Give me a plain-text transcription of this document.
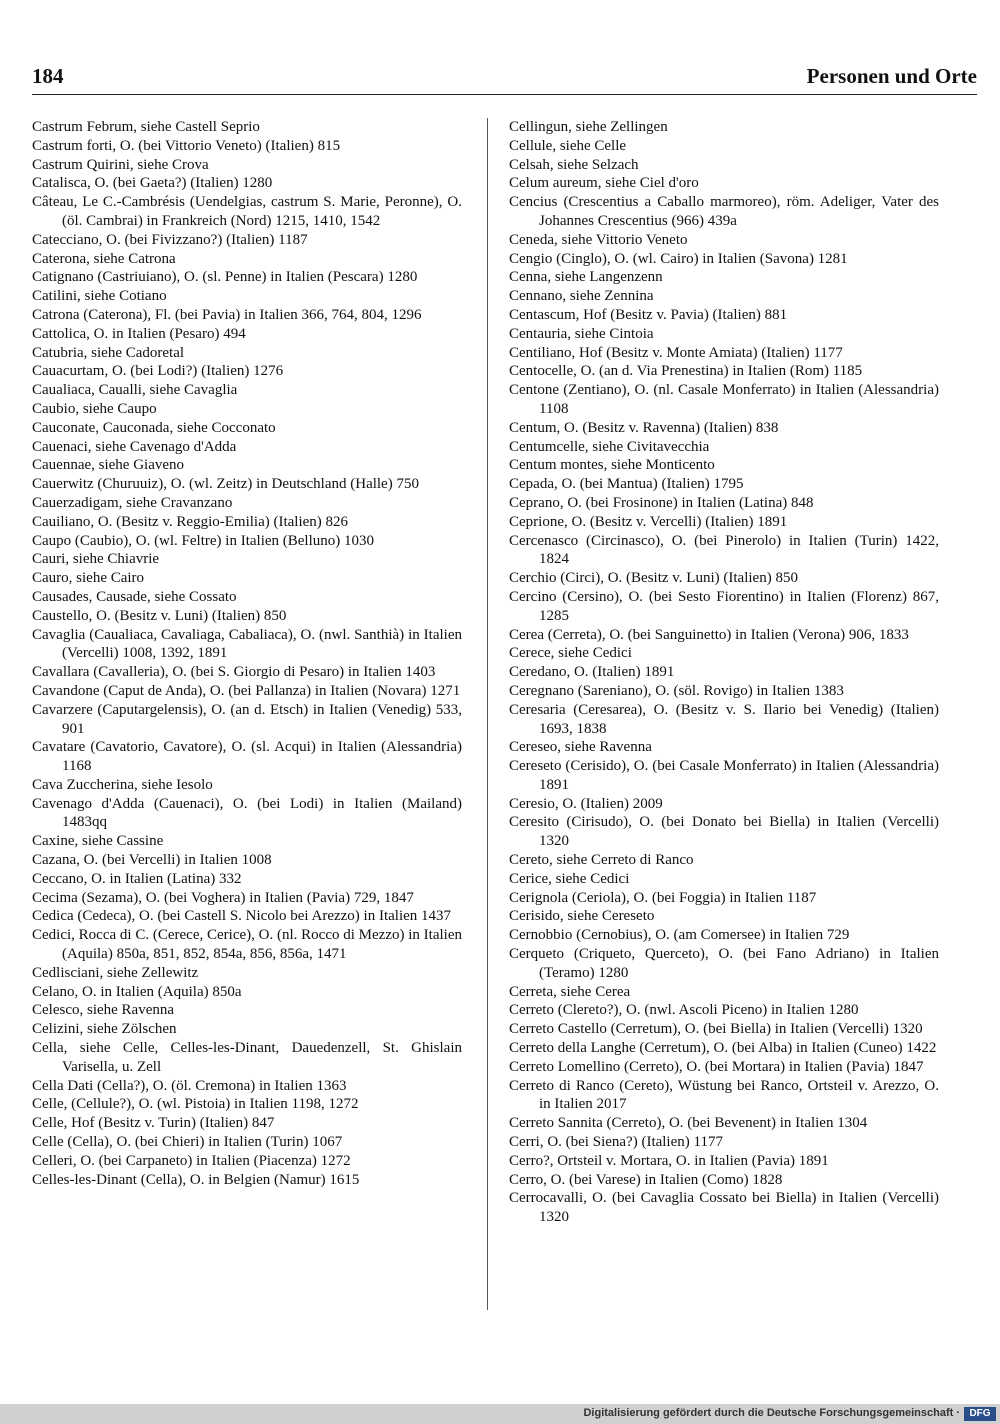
184	Personen und Orte
Castrum Februm, siehe Castell Seprio
Castrum forti, O. (bei Vittorio Veneto) (Italien) 815
Castrum Quirini, siehe Crova
Catalisca, O. (bei Gaeta?) (Italien) 1280
Câteau, Le C.-Cambrésis (Uendelgias, castrum S. Marie, Peronne), O. (öl. Cambrai) in Frankreich (Nord) 1215, 1410, 1542
Catecciano, O. (bei Fivizzano?) (Italien) 1187
Caterona, siehe Catrona
Catignano (Castriuiano), O. (sl. Penne) in Italien (Pescara) 1280
Catilini, siehe Cotiano
Catrona (Caterona), Fl. (bei Pavia) in Italien 366, 764, 804, 1296
Cattolica, O. in Italien (Pesaro) 494
Catubria, siehe Cadoretal
Cauacurtam, O. (bei Lodi?) (Italien) 1276
Caualiaca, Caualli, siehe Cavaglia
Caubio, siehe Caupo
Cauconate, Cauconada, siehe Cocconato
Cauenaci, siehe Cavenago d'Adda
Cauennae, siehe Giaveno
Cauerwitz (Churuuiz), O. (wl. Zeitz) in Deutschland (Halle) 750
Cauerzadigam, siehe Cravanzano
Cauiliano, O. (Besitz v. Reggio-Emilia) (Italien) 826
Caupo (Caubio), O. (wl. Feltre) in Italien (Belluno) 1030
Cauri, siehe Chiavrie
Cauro, siehe Cairo
Causades, Causade, siehe Cossato
Caustello, O. (Besitz v. Luni) (Italien) 850
Cavaglia (Caualiaca, Cavaliaga, Cabaliaca), O. (nwl. Santhià) in Italien (Vercelli) 1008, 1392, 1891
Cavallara (Cavalleria), O. (bei S. Giorgio di Pesaro) in Italien 1403
Cavandone (Caput de Anda), O. (bei Pallanza) in Italien (Novara) 1271
Cavarzere (Caputargelensis), O. (an d. Etsch) in Italien (Venedig) 533, 901
Cavatare (Cavatorio, Cavatore), O. (sl. Acqui) in Italien (Alessandria) 1168
Cava Zuccherina, siehe Iesolo
Cavenago d'Adda (Cauenaci), O. (bei Lodi) in Italien (Mailand) 1483qq
Caxine, siehe Cassine
Cazana, O. (bei Vercelli) in Italien 1008
Ceccano, O. in Italien (Latina) 332
Cecima (Sezama), O. (bei Voghera) in Italien (Pavia) 729, 1847
Cedica (Cedeca), O. (bei Castell S. Nicolo bei Arezzo) in Italien 1437
Cedici, Rocca di C. (Cerece, Cerice), O. (nl. Rocco di Mezzo) in Italien (Aquila) 850a, 851, 852, 854a, 856, 856a, 1471
Cedlisciani, siehe Zellewitz
Celano, O. in Italien (Aquila) 850a
Celesco, siehe Ravenna
Celizini, siehe Zölschen
Cella, siehe Celle, Celles-les-Dinant, Dauedenzell, St. Ghislain Varisella, u. Zell
Cella Dati (Cella?), O. (öl. Cremona) in Italien 1363
Celle, (Cellule?), O. (wl. Pistoia) in Italien 1198, 1272
Celle, Hof (Besitz v. Turin) (Italien) 847
Celle (Cella), O. (bei Chieri) in Italien (Turin) 1067
Celleri, O. (bei Carpaneto) in Italien (Piacenza) 1272
Celles-les-Dinant (Cella), O. in Belgien (Namur) 1615
Cellingun, siehe Zellingen
Cellule, siehe Celle
Celsah, siehe Selzach
Celum aureum, siehe Ciel d'oro
Cencius (Crescentius a Caballo marmoreo), röm. Adeliger, Vater des Johannes Crescentius (966) 439a
Ceneda, siehe Vittorio Veneto
Cengio (Cinglo), O. (wl. Cairo) in Italien (Savona) 1281
Cenna, siehe Langenzenn
Cennano, siehe Zennina
Centascum, Hof (Besitz v. Pavia) (Italien) 881
Centauria, siehe Cintoia
Centiliano, Hof (Besitz v. Monte Amiata) (Italien) 1177
Centocelle, O. (an d. Via Prenestina) in Italien (Rom) 1185
Centone (Zentiano), O. (nl. Casale Monferrato) in Italien (Alessandria) 1108
Centum, O. (Besitz v. Ravenna) (Italien) 838
Centumcelle, siehe Civitavecchia
Centum montes, siehe Monticento
Cepada, O. (bei Mantua) (Italien) 1795
Ceprano, O. (bei Frosinone) in Italien (Latina) 848
Ceprione, O. (Besitz v. Vercelli) (Italien) 1891
Cercenasco (Circinasco), O. (bei Pinerolo) in Italien (Turin) 1422, 1824
Cerchio (Circi), O. (Besitz v. Luni) (Italien) 850
Cercino (Cersino), O. (bei Sesto Fiorentino) in Italien (Florenz) 867, 1285
Cerea (Cerreta), O. (bei Sanguinetto) in Italien (Verona) 906, 1833
Cerece, siehe Cedici
Ceredano, O. (Italien) 1891
Ceregnano (Sareniano), O. (söl. Rovigo) in Italien 1383
Ceresaria (Ceresarea), O. (Besitz v. S. Ilario bei Venedig) (Italien) 1693, 1838
Cereseo, siehe Ravenna
Cereseto (Cerisido), O. (bei Casale Monferrato) in Italien (Alessandria) 1891
Ceresio, O. (Italien) 2009
Ceresito (Cirisudo), O. (bei Donato bei Biella) in Italien (Vercelli) 1320
Cereto, siehe Cerreto di Ranco
Cerice, siehe Cedici
Cerignola (Ceriola), O. (bei Foggia) in Italien 1187
Cerisido, siehe Cereseto
Cernobbio (Cernobius), O. (am Comersee) in Italien 729
Cerqueto (Criqueto, Querceto), O. (bei Fano Adriano) in Italien (Teramo) 1280
Cerreta, siehe Cerea
Cerreto (Clereto?), O. (nwl. Ascoli Piceno) in Italien 1280
Cerreto Castello (Cerretum), O. (bei Biella) in Italien (Vercelli) 1320
Cerreto della Langhe (Cerretum), O. (bei Alba) in Italien (Cuneo) 1422
Cerreto Lomellino (Cerreto), O. (bei Mortara) in Italien (Pavia) 1847
Cerreto di Ranco (Cereto), Wüstung bei Ranco, Ortsteil v. Arezzo, O. in Italien 2017
Cerreto Sannita (Cerreto), O. (bei Bevenent) in Italien 1304
Cerri, O. (bei Siena?) (Italien) 1177
Cerro?, Ortsteil v. Mortara, O. in Italien (Pavia) 1891
Cerro, O. (bei Varese) in Italien (Como) 1828
Cerrocavalli, O. (bei Cavaglia Cossato bei Biella) in Italien (Vercelli) 1320
Digitalisierung gefördert durch die Deutsche Forschungsgemeinschaft · DFG
